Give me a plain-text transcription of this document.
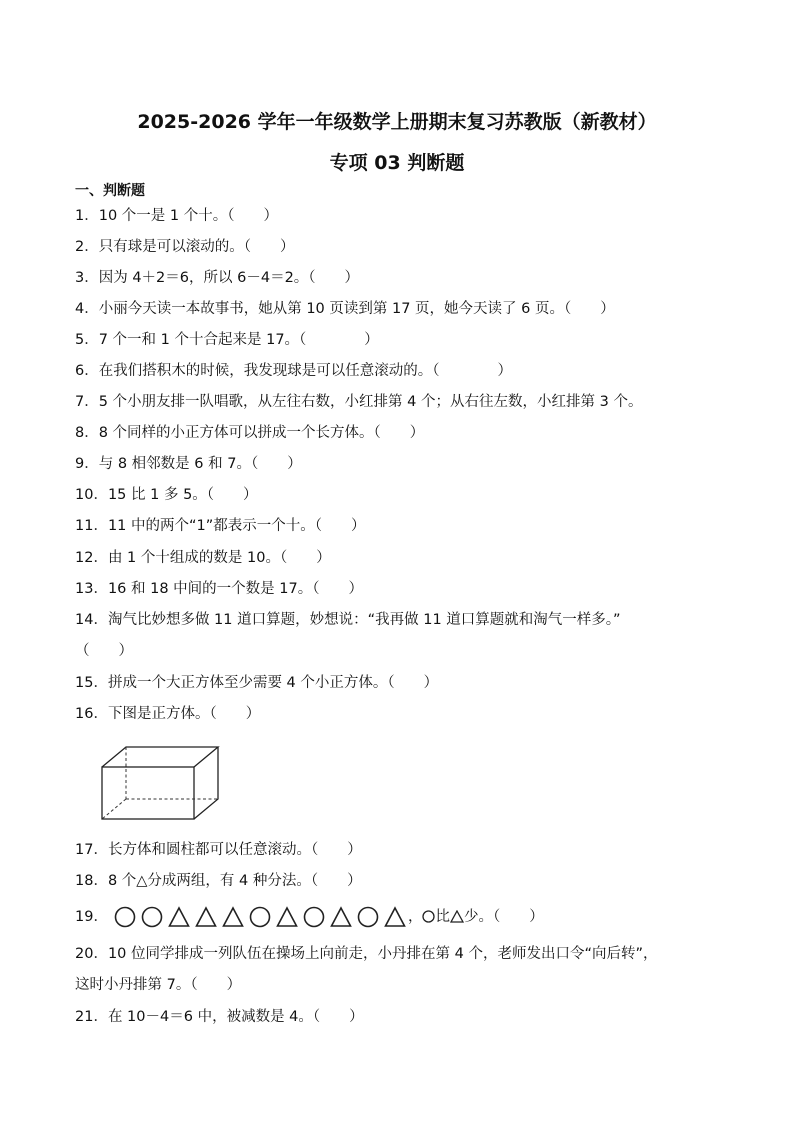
2025-2026 学年一年级数学上册期末复习苏教版（新教材）
专项 03 判断题
一、判断题
1．10 个一是 1 个十。（　　）
2．只有球是可以滚动的。（　　）
3．因为 4＋2＝6，所以 6－4＝2。（　　）
4．小丽今天读一本故事书，她从第 10 页读到第 17 页，她今天读了 6 页。（　　）
5．7 个一和 1 个十合起来是 17。（　　　　）
6．在我们搭积木的时候，我发现球是可以任意滚动的。（　　　　）
7．5 个小朋友排一队唱歌，从左往右数，小红排第 4 个；从右往左数，小红排第 3 个。
8．8 个同样的小正方体可以拼成一个长方体。（　　）
9．与 8 相邻数是 6 和 7。（　　）
10．15 比 1 多 5。（　　）
11．11 中的两个“1”都表示一个十。（　　）
12．由 1 个十组成的数是 10。（　　）
13．16 和 18 中间的一个数是 17。（　　）
14．淘气比妙想多做 11 道口算题，妙想说：“我再做 11 道口算题就和淘气一样多。”
（　　）
15．拼成一个大正方体至少需要 4 个小正方体。（　　）
16．下图是正方体。（　　）
17．长方体和圆柱都可以任意滚动。（　　）
18．8 个△分成两组，有 4 种分法。（　　）
19．	， 比 少。（　　）
20．10 位同学排成一列队伍在操场上向前走，小丹排在第 4 个，老师发出口令“向后转”，
这时小丹排第 7。（　　）
21．在 10－4＝6 中，被减数是 4。（　　）
